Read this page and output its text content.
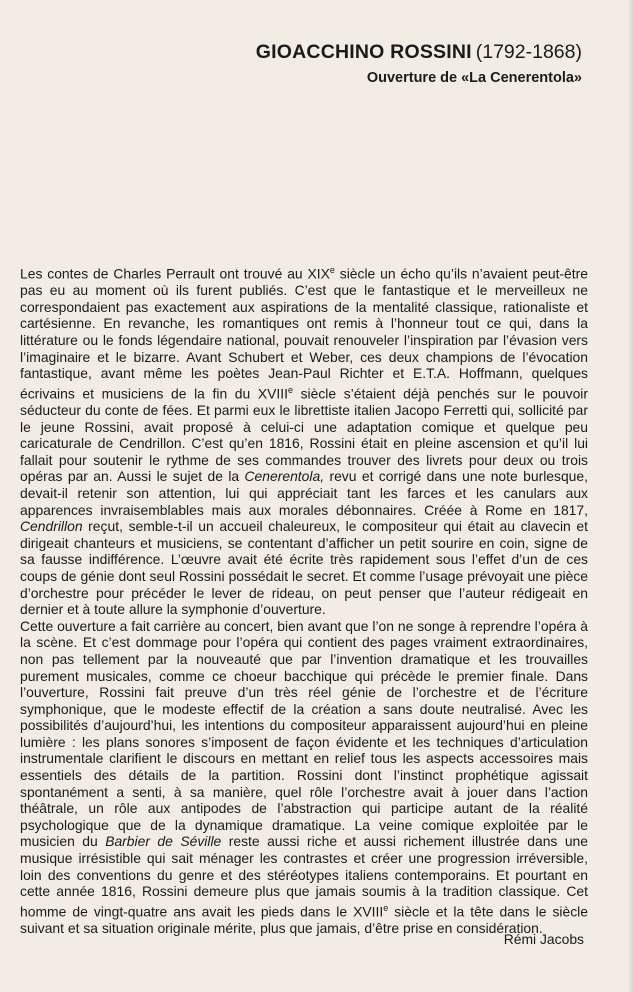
GIOACCHINO ROSSINI (1792-1868)
Ouverture de «La Cenerentola»

Les contes de Charles Perrault ont trouvé au XIXe siècle un écho qu’ils n’avaient peut-être pas eu au moment où ils furent publiés. C’est que le fantastique et le merveilleux ne correspondaient pas exactement aux aspirations de la mentalité classique, rationaliste et cartésienne. En revanche, les romantiques ont remis à l’honneur tout ce qui, dans la littérature ou le fonds légendaire national, pouvait renouveler l’inspiration par l’évasion vers l’imaginaire et le bizarre. Avant Schubert et Weber, ces deux champions de l’évocation fantastique, avant même les poètes Jean-Paul Richter et E.T.A. Hoffmann, quelques écrivains et musiciens de la fin du XVIIIe siècle s’étaient déjà penchés sur le pouvoir séducteur du conte de fées. Et parmi eux le librettiste italien Jacopo Ferretti qui, sollicité par le jeune Rossini, avait proposé à celui-ci une adaptation comique et quelque peu caricaturale de Cendrillon. C’est qu’en 1816, Rossini était en pleine ascension et qu’il lui fallait pour soutenir le rythme de ses commandes trouver des livrets pour deux ou trois opéras par an. Aussi le sujet de la Cenerentola, revu et corrigé dans une note burlesque, devait-il retenir son attention, lui qui appréciait tant les farces et les canulars aux apparences invraisemblables mais aux morales débonnaires. Créée à Rome en 1817, Cendrillon reçut, semble-t-il un accueil chaleureux, le compositeur qui était au clavecin et dirigeait chanteurs et musiciens, se contentant d’afficher un petit sourire en coin, signe de sa fausse indifférence. L’œuvre avait été écrite très rapidement sous l’effet d’un de ces coups de génie dont seul Rossini possédait le secret. Et comme l’usage prévoyait une pièce d’orchestre pour précéder le lever de rideau, on peut penser que l’auteur rédigeait en dernier et à toute allure la symphonie d’ouverture.

Cette ouverture a fait carrière au concert, bien avant que l’on ne songe à reprendre l’opéra à la scène. Et c’est dommage pour l’opéra qui contient des pages vraiment extraordinaires, non pas tellement par la nouveauté que par l’invention dramatique et les trouvailles purement musicales, comme ce choeur bacchique qui précède le premier finale. Dans l’ouverture, Rossini fait preuve d’un très réel génie de l’orchestre et de l’écriture symphonique, que le modeste effectif de la création a sans doute neutralisé. Avec les possibilités d’aujourd’hui, les intentions du compositeur apparaissent aujourd’hui en pleine lumière : les plans sonores s’imposent de façon évidente et les techniques d’articulation instrumentale clarifient le discours en mettant en relief tous les aspects accessoires mais essentiels des détails de la partition. Rossini dont l’instinct prophétique agissait spontanément a senti, à sa manière, quel rôle l’orchestre avait à jouer dans l’action théâtrale, un rôle aux antipodes de l’abstraction qui participe autant de la réalité psychologique que de la dynamique dramatique. La veine comique exploitée par le musicien du Barbier de Séville reste aussi riche et aussi richement illustrée dans une musique irrésistible qui sait ménager les contrastes et créer une progression irréversible, loin des conventions du genre et des stéréotypes italiens contemporains. Et pourtant en cette année 1816, Rossini demeure plus que jamais soumis à la tradition classique. Cet homme de vingt-quatre ans avait les pieds dans le XVIIIe siècle et la tête dans le siècle suivant et sa situation originale mérite, plus que jamais, d’être prise en considération.

Rémi Jacobs
